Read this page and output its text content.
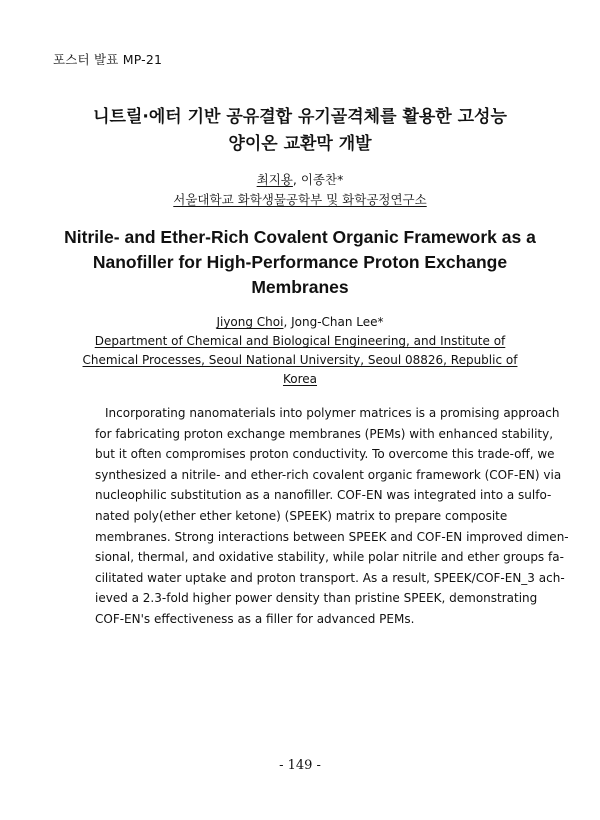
포스터 발표 MP-21
니트릴·에터 기반 공유결합 유기골격체를 활용한 고성능
양이온 교환막 개발
최지용, 이종찬*
서울대학교 화학생물공학부 및 화학공정연구소
Nitrile- and Ether-Rich Covalent Organic Framework as a
Nanofiller for High-Performance Proton Exchange
Membranes
Jiyong Choi, Jong-Chan Lee*
Department of Chemical and Biological Engineering, and Institute of
Chemical Processes, Seoul National University, Seoul 08826, Republic of
Korea
Incorporating nanomaterials into polymer matrices is a promising approach
for fabricating proton exchange membranes (PEMs) with enhanced stability,
but it often compromises proton conductivity. To overcome this trade-off, we
synthesized a nitrile- and ether-rich covalent organic framework (COF-EN) via
nucleophilic substitution as a nanofiller. COF-EN was integrated into a sulfo-
nated poly(ether ether ketone) (SPEEK) matrix to prepare composite
membranes. Strong interactions between SPEEK and COF-EN improved dimen-
sional, thermal, and oxidative stability, while polar nitrile and ether groups fa-
cilitated water uptake and proton transport. As a result, SPEEK/COF-EN_3 ach-
ieved a 2.3-fold higher power density than pristine SPEEK, demonstrating
COF-EN's effectiveness as a filler for advanced PEMs.
- 149 -
